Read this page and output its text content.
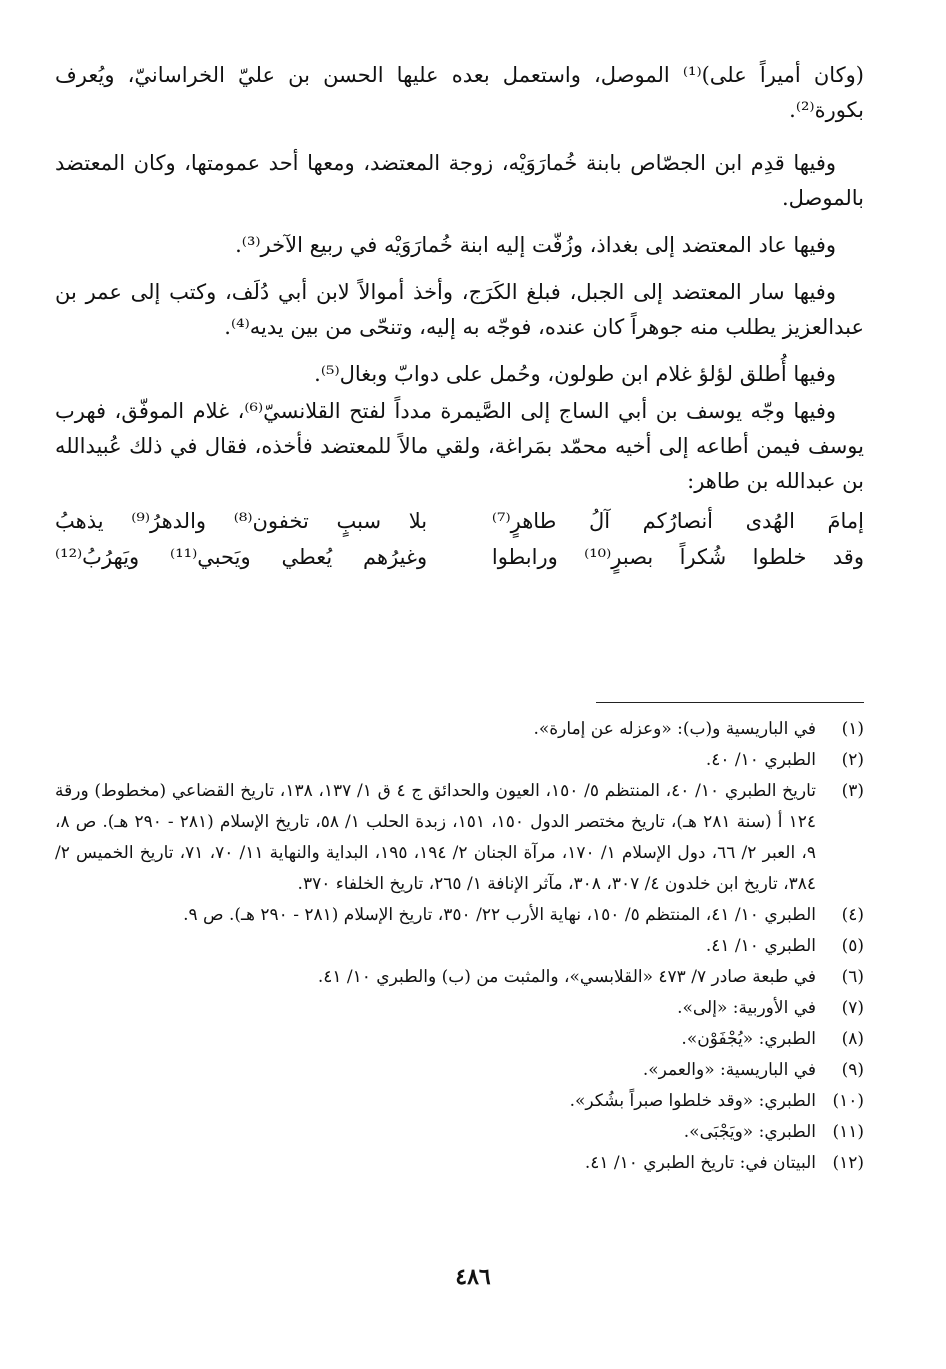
(وكان أميراً على)⁽¹⁾ الموصل، واستعمل بعده عليها الحسن بن عليّ الخراسانيّ، ويُعرف بكورة⁽²⁾.

وفيها قدِم ابن الجصّاص بابنة خُمارَوَيْه، زوجة المعتضد، ومعها أحد عمومتها، وكان المعتضد بالموصل.

وفيها عاد المعتضد إلى بغداذ، وزُفّت إليه ابنة خُمارَوَيْه في ربيع الآخر⁽³⁾.

وفيها سار المعتضد إلى الجبل، فبلغ الكَرَج، وأخذ أموالاً لابن أبي دُلَف، وكتب إلى عمر بن عبدالعزيز يطلب منه جوهراً كان عنده، فوجّه به إليه، وتنحّى من بين يديه⁽⁴⁾.

وفيها أُطلق لؤلؤ غلام ابن طولون، وحُمل على دوابّ وبغال⁽⁵⁾.

وفيها وجّه يوسف بن أبي الساج إلى الصَّيمرة مدداً لفتح القلانسيّ⁽⁶⁾، غلام الموفّق، فهرب يوسف فيمن أطاعه إلى أخيه محمّد بمَراغة، ولقي مالاً للمعتضد فأخذه، فقال في ذلك عُبيدالله بن عبدالله بن طاهر:

إمامَ الهُدى أنصارُكم آلُ طاهرٍ⁽⁷⁾
بلا سببٍ تخفون⁽⁸⁾ والدهرُ⁽⁹⁾ يذهبُ
وقد خلطوا شُكراً بصبرٍ⁽¹⁰⁾ ورابطوا
وغيرُهم يُعطي ويَحبي⁽¹¹⁾ ويَهرُبُ⁽¹²⁾
(١)
في الباريسية و(ب): «وعزله عن إمارة».
(٢)
الطبري ١٠/ ٤٠.
(٣)
تاريخ الطبري ١٠/ ٤٠، المنتظم ٥/ ١٥٠، العيون والحدائق ج ٤ ق ١/ ١٣٧، ١٣٨، تاريخ القضاعي (مخطوط) ورقة ١٢٤ أ (سنة ٢٨١ هـ)، تاريخ مختصر الدول ١٥٠، ١٥١، زبدة الحلب ١/ ٥٨، تاريخ الإسلام (٢٨١ - ٢٩٠ هـ). ص ٨، ٩، العبر ٢/ ٦٦، دول الإسلام ١/ ١٧٠، مرآة الجنان ٢/ ١٩٤، ١٩٥، البداية والنهاية ١١/ ٧٠، ٧١، تاريخ الخميس ٢/ ٣٨٤، تاريخ ابن خلدون ٤/ ٣٠٧، ٣٠٨، مآثر الإنافة ١/ ٢٦٥، تاريخ الخلفاء ٣٧٠.
(٤)
الطبري ١٠/ ٤١، المنتظم ٥/ ١٥٠، نهاية الأرب ٢٢/ ٣٥٠، تاريخ الإسلام (٢٨١ - ٢٩٠ هـ). ص ٩.
(٥)
الطبري ١٠/ ٤١.
(٦)
في طبعة صادر ٧/ ٤٧٣ «القلابسي»، والمثبت من (ب) والطبري ١٠/ ٤١.
(٧)
في الأوربية: «إلى».
(٨)
الطبري: «يُجْفَوْن».
(٩)
في الباريسية: «والعمر».
(١٠)
الطبري: «وقد خلطوا صبراً بشُكر».
(١١)
الطبري: «ويَجْبَى».
(١٢)
البيتان في: تاريخ الطبري ١٠/ ٤١.
٤٨٦
